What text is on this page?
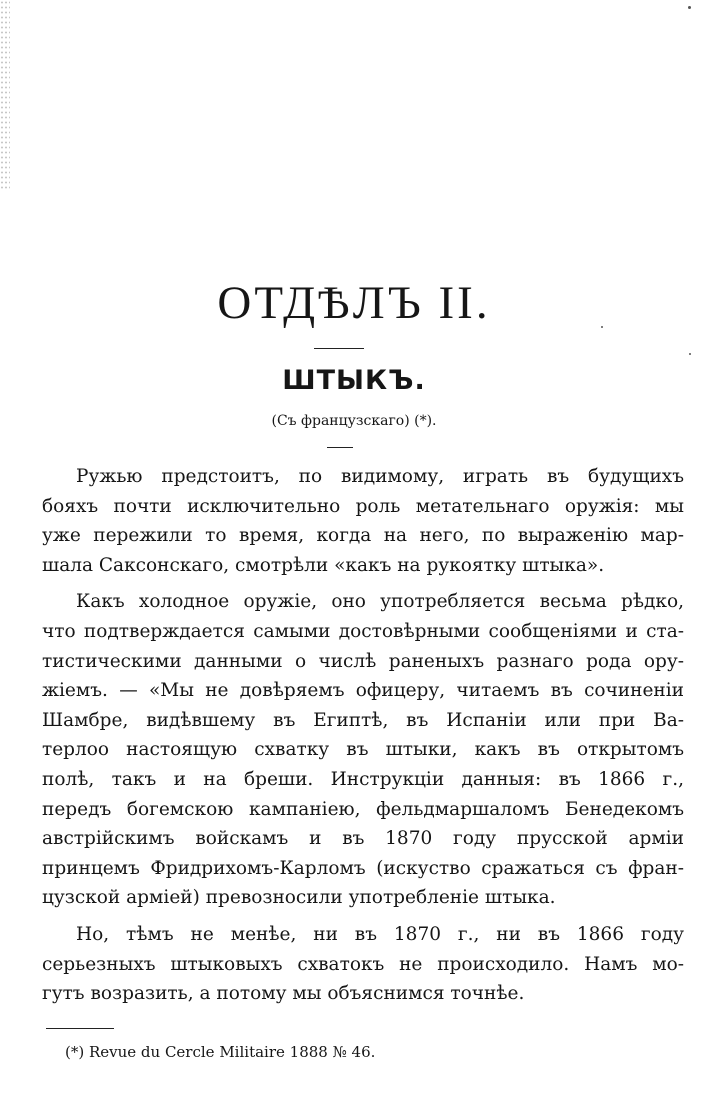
ОТДѢЛЪ II.
ШТЫКЪ.
(Съ французскаго) (*).
Ружью предстоитъ, по видимому, играть въ будущихъ
бояхъ почти исключительно роль метательнаго оружія: мы
уже пережили то время, когда на него, по выраженію мар-
шала Саксонскаго, смотрѣли «какъ на рукоятку штыка».
Какъ холодное оружіе, оно употребляется весьма рѣдко,
что подтверждается самыми достовѣрными сообщеніями и ста-
тистическими данными о числѣ раненыхъ разнаго рода ору-
жіемъ. — «Мы не довѣряемъ офицеру, читаемъ въ сочиненіи
Шамбре, видѣвшему въ Египтѣ, въ Испаніи или при Ва-
терлоо настоящую схватку въ штыки, какъ въ открытомъ
полѣ, такъ и на бреши. Инструкціи данныя: въ 1866 г.,
передъ богемскою кампаніею, фельдмаршаломъ Бенедекомъ
австрійскимъ войскамъ и въ 1870 году прусской арміи
принцемъ Фридрихомъ-Карломъ (искуство сражаться съ фран-
цузской арміей) превозносили употребленіе штыка.
Но, тѣмъ не менѣе, ни въ 1870 г., ни въ 1866 году
серьезныхъ штыковыхъ схватокъ не происходило. Намъ мо-
гутъ возразить, а потому мы объяснимся точнѣе.
(*) Revue du Cercle Militaire 1888 № 46.
